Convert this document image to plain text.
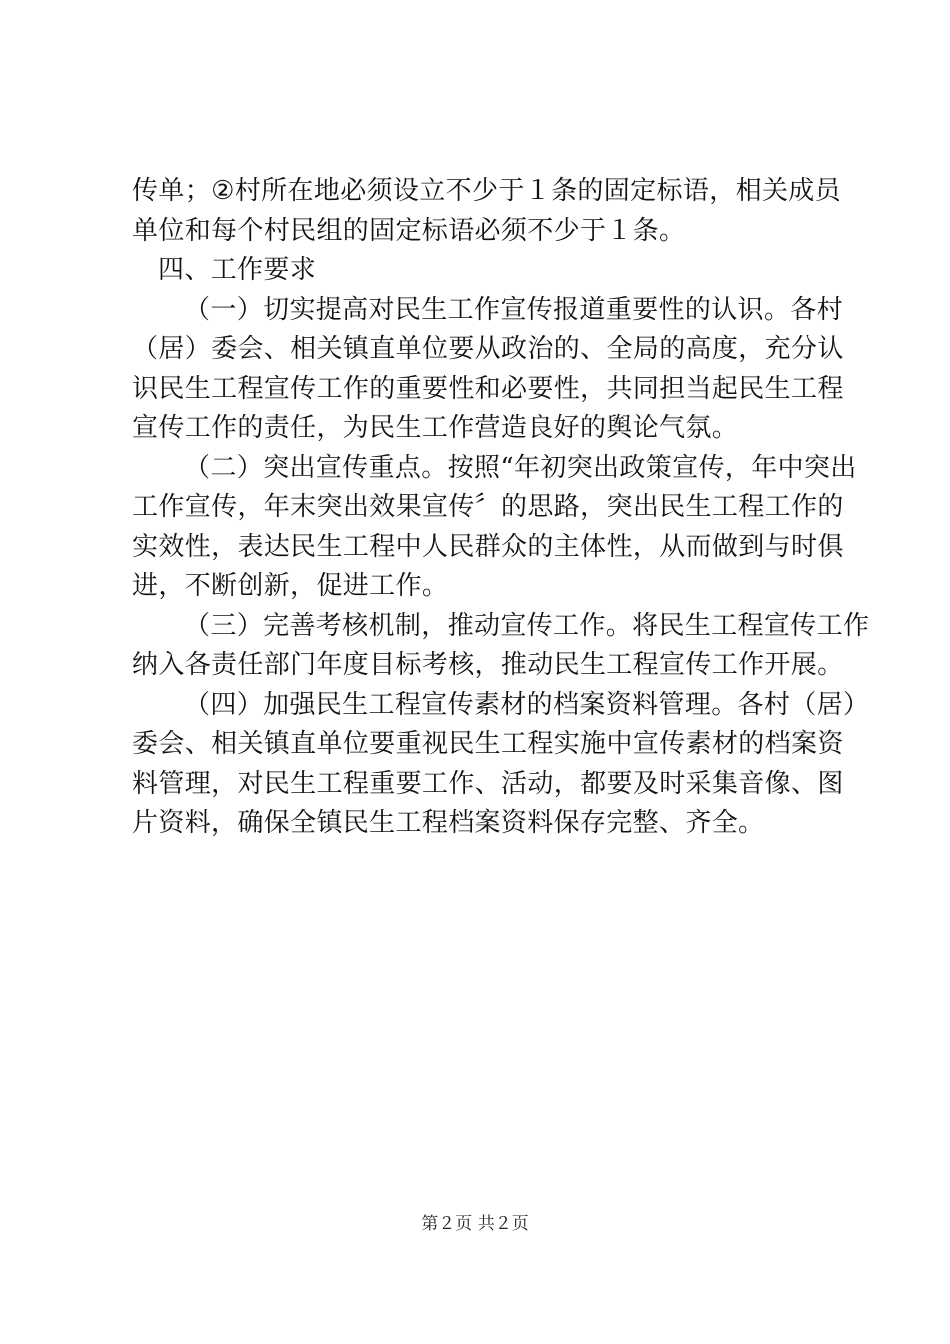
传 单 ； ② 村 所 在 地 必 须 设 立 不 少 于 １ 条 的 固 定 标 语 ， 相 关 成 员
单位和每个村民组的固定标语必须不少于１条。
四、工作要求
（ 一 ） 切 实 提 高 对 民 生 工 作 宣 传 报 道 重 要 性 的 认 识 。 各 村
（ 居 ） 委 会 、 相 关 镇 直 单 位 要 从 政 治 的 、 全 局 的 高 度 ， 充 分 认
识 民 生 工 程 宣 传 工 作 的 重 要 性 和 必 要 性 ， 共 同 担 当 起 民 生 工 程
宣传工作的责任，为民生工作营造良好的舆论气氛。
（ 二 ） 突 出 宣 传 重 点 。 按 照 “ 年 初 突 出 政 策 宣 传 ， 年 中 突 出
工 作 宣 传 ， 年 末 突 出 效 果 宣 传 〞 的 思 路 ， 突 出 民 生 工 程 工 作 的
实 效 性 ， 表 达 民 生 工 程 中 人 民 群 众 的 主 体 性 ， 从 而 做 到 与 时 俱
进，不断创新，促进工作。
（ 三 ） 完 善 考 核 机 制 ， 推 动 宣 传 工 作 。 将 民 生 工 程 宣 传 工 作
纳入各责任部门年度目标考核，推动民生工程宣传工作开展。
（ 四 ） 加 强 民 生 工 程 宣 传 素 材 的 档 案 资 料 管 理 。 各 村 （ 居 ）
委 会 、 相 关 镇 直 单 位 要 重 视 民 生 工 程 实 施 中 宣 传 素 材 的 档 案 资
料 管 理 ， 对 民 生 工 程 重 要 工 作 、 活 动 ， 都 要 及 时 采 集 音 像 、 图
片资料，确保全镇民生工程档案资料保存完整、齐全。
第２页 共２页
